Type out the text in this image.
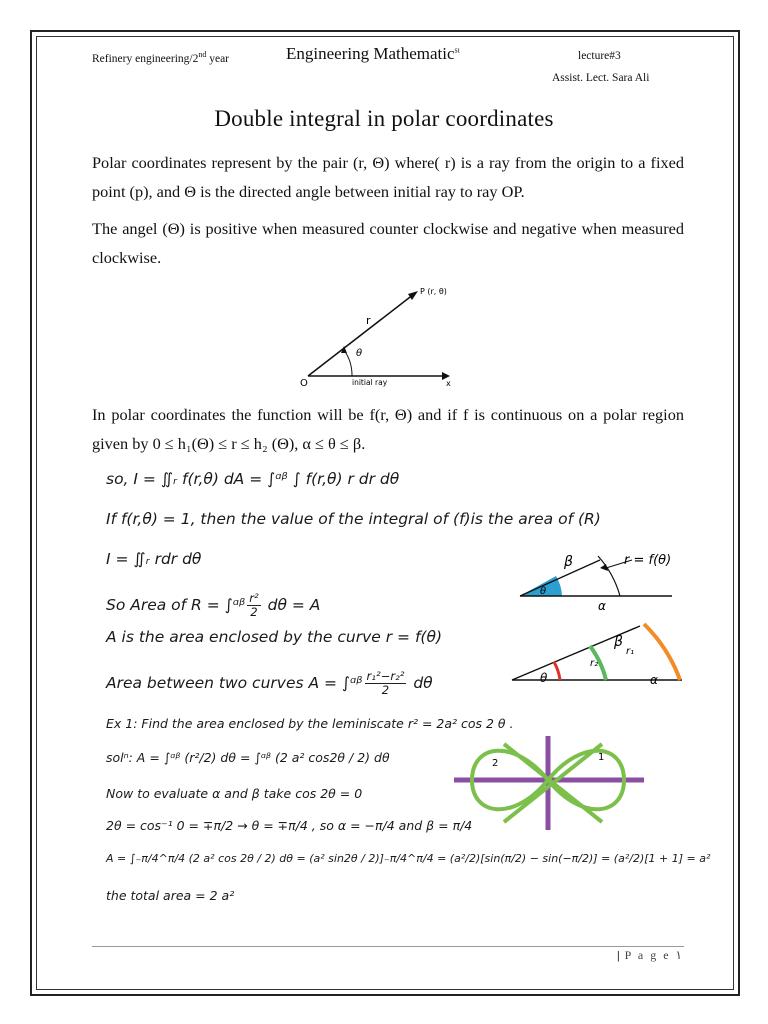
Refinery engineering/2nd year	Engineering Mathematic$^{sı}$
lecture#3
Assist. Lect. Sara Ali
Double integral in polar coordinates

Polar coordinates represent by the pair (r, Θ) where( r) is a ray from the origin to a fixed point (p), and Θ is the directed angle between initial ray to ray OP.

The angel (Θ) is positive when measured counter clockwise and negative when measured clockwise.

P (r, θ)
r
θ
O	initial ray	x

In polar coordinates the function will be f(r, Θ) and if f is continuous on a polar region given by 0 ≤ h₁(Θ) ≤ r ≤ h₂ (Θ), α ≤ θ ≤ β.

so, I = ∬ᵣ f(r,θ) dA = ∫ᵅᵝ ∫ f(r,θ) r dr dθ
If f(r,θ) = 1, then the value of the integral of (f)is the area of (R)
I = ∬ᵣ rdr dθ
So Area of R = ∫ᵅᵝ $\frac{\text{r²}}{2}$ dθ = A
A is the area enclosed by the curve r = f(θ)
Area between two curves A = ∫ᵅᵝ $\frac{\text{r₁²−r₂²}}{2}$ dθ
β	r = f(θ)
θ
α
β
r₁
r₂
θ	α
Ex 1: Find the area enclosed by the leminiscate r² = 2a² cos 2 θ .
solⁿ: A = ∫ᵅᵝ (r²/2) dθ = ∫ᵅᵝ (2 a² cos2θ / 2) dθ
Now to evaluate α and β take cos 2θ = 0
2θ = cos⁻¹ 0 = ∓π/2 → θ = ∓π/4 , so α = −π/4 and β = π/4
A = ∫₋π/4^π/4 (2 a² cos 2θ / 2) dθ = (a² sin2θ / 2)]₋π/4^π/4 = (a²/2)[sin(π/2) − sin(−π/2)] = (a²/2)[1 + 1] = a²
the total area = 2 a²
2
1
| P a g e ١
